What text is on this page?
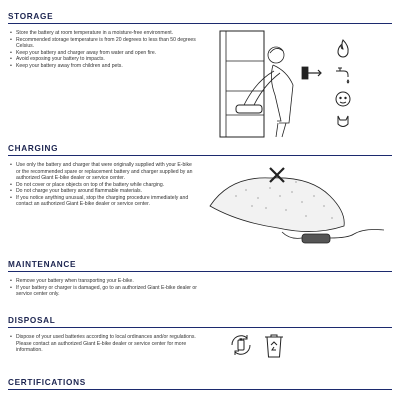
STORAGE
• Store the battery at room temperature in a moisture-free environment.
• Recommended storage temperature is from 20 degrees to less than 50 degrees Celsius.
• Keep your battery and charger away from water and open fire.
• Avoid exposing your battery to impacts.
• Keep your battery away from children and pets.
CHARGING
• Use only the battery and charger that were originally supplied with your E-bike or the recommended spare or replacement battery and charger supplied by an authorized Giant E-bike dealer or service center.
• Do not cover or place objects on top of the battery while charging.
• Do not charge your battery around flammable materials.
• If you notice anything unusual, stop the charging procedure immediately and contact an authorized Giant E-bike dealer or service center.
MAINTENANCE
• Remove your battery when transporting your E-bike.
• If your battery or charger is damaged, go to an authorized Giant E-bike dealer or service center only.
DISPOSAL
• Dispose of your used batteries according to local ordinances and/or regulations. Please contact an authorized Giant E-bike dealer or service center for more information.
CERTIFICATIONS
